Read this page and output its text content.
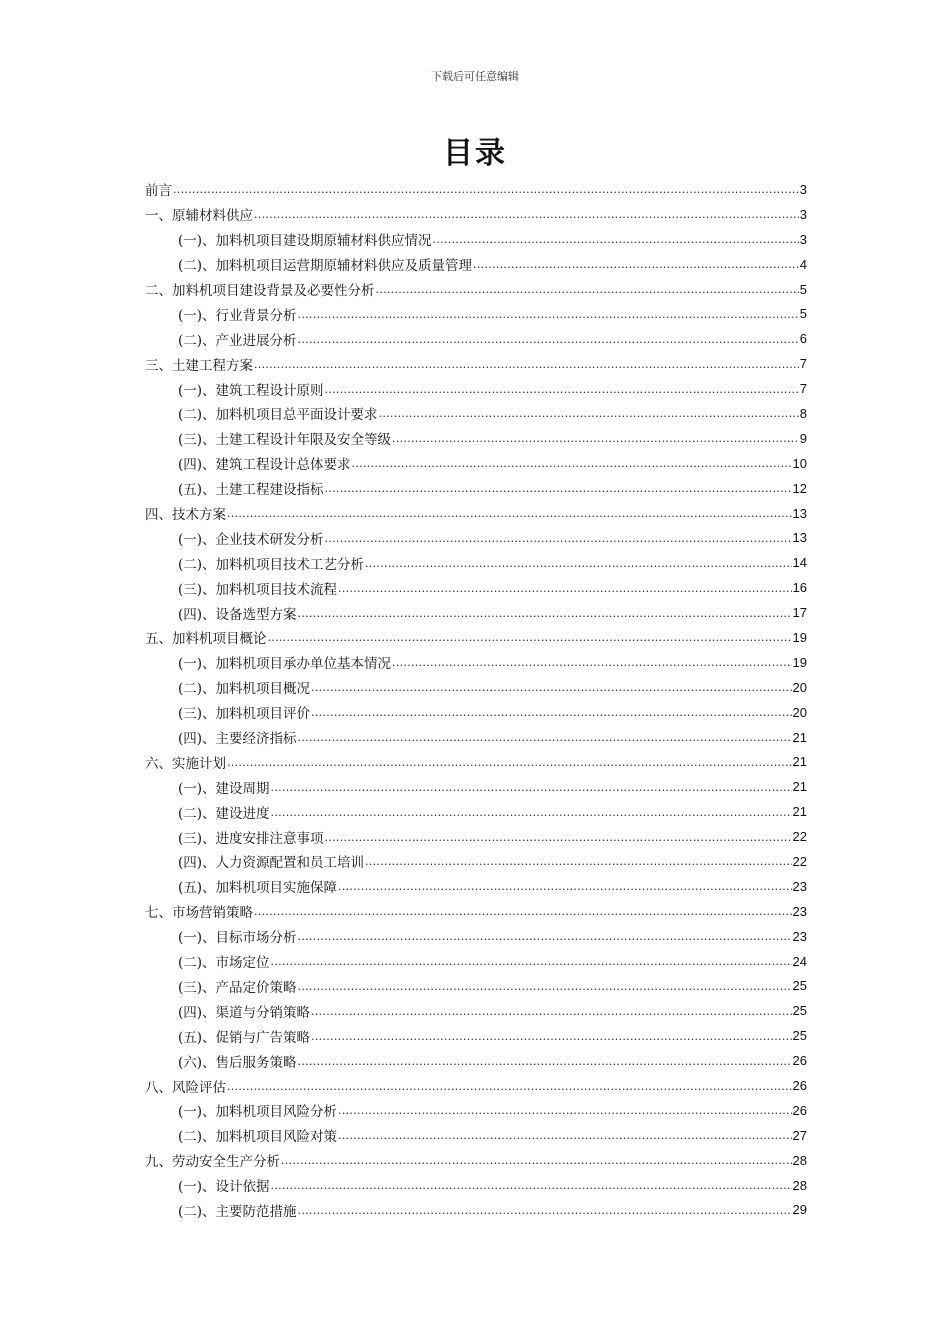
下载后可任意编辑
目录
前言 .....	3
一、原辅材料供应 .....	3
(一)、加料机项目建设期原辅材料供应情况 .....	3
(二)、加料机项目运营期原辅材料供应及质量管理 .....	4
二、加料机项目建设背景及必要性分析 .....	5
(一)、行业背景分析 .....	5
(二)、产业进展分析 .....	6
三、土建工程方案 .....	7
(一)、建筑工程设计原则 .....	7
(二)、加料机项目总平面设计要求 .....	8
(三)、土建工程设计年限及安全等级 .....	9
(四)、建筑工程设计总体要求 .....	10
(五)、土建工程建设指标 .....	12
四、技术方案 .....	13
(一)、企业技术研发分析 .....	13
(二)、加料机项目技术工艺分析 .....	14
(三)、加料机项目技术流程 .....	16
(四)、设备选型方案 .....	17
五、加料机项目概论 .....	19
(一)、加料机项目承办单位基本情况 .....	19
(二)、加料机项目概况 .....	20
(三)、加料机项目评价 .....	20
(四)、主要经济指标 .....	21
六、实施计划 .....	21
(一)、建设周期 .....	21
(二)、建设进度 .....	21
(三)、进度安排注意事项 .....	22
(四)、人力资源配置和员工培训 .....	22
(五)、加料机项目实施保障 .....	23
七、市场营销策略 .....	23
(一)、目标市场分析 .....	23
(二)、市场定位 .....	24
(三)、产品定价策略 .....	25
(四)、渠道与分销策略 .....	25
(五)、促销与广告策略 .....	25
(六)、售后服务策略 .....	26
八、风险评估 .....	26
(一)、加料机项目风险分析 .....	26
(二)、加料机项目风险对策 .....	27
九、劳动安全生产分析 .....	28
(一)、设计依据 .....	28
(二)、主要防范措施 .....	29
